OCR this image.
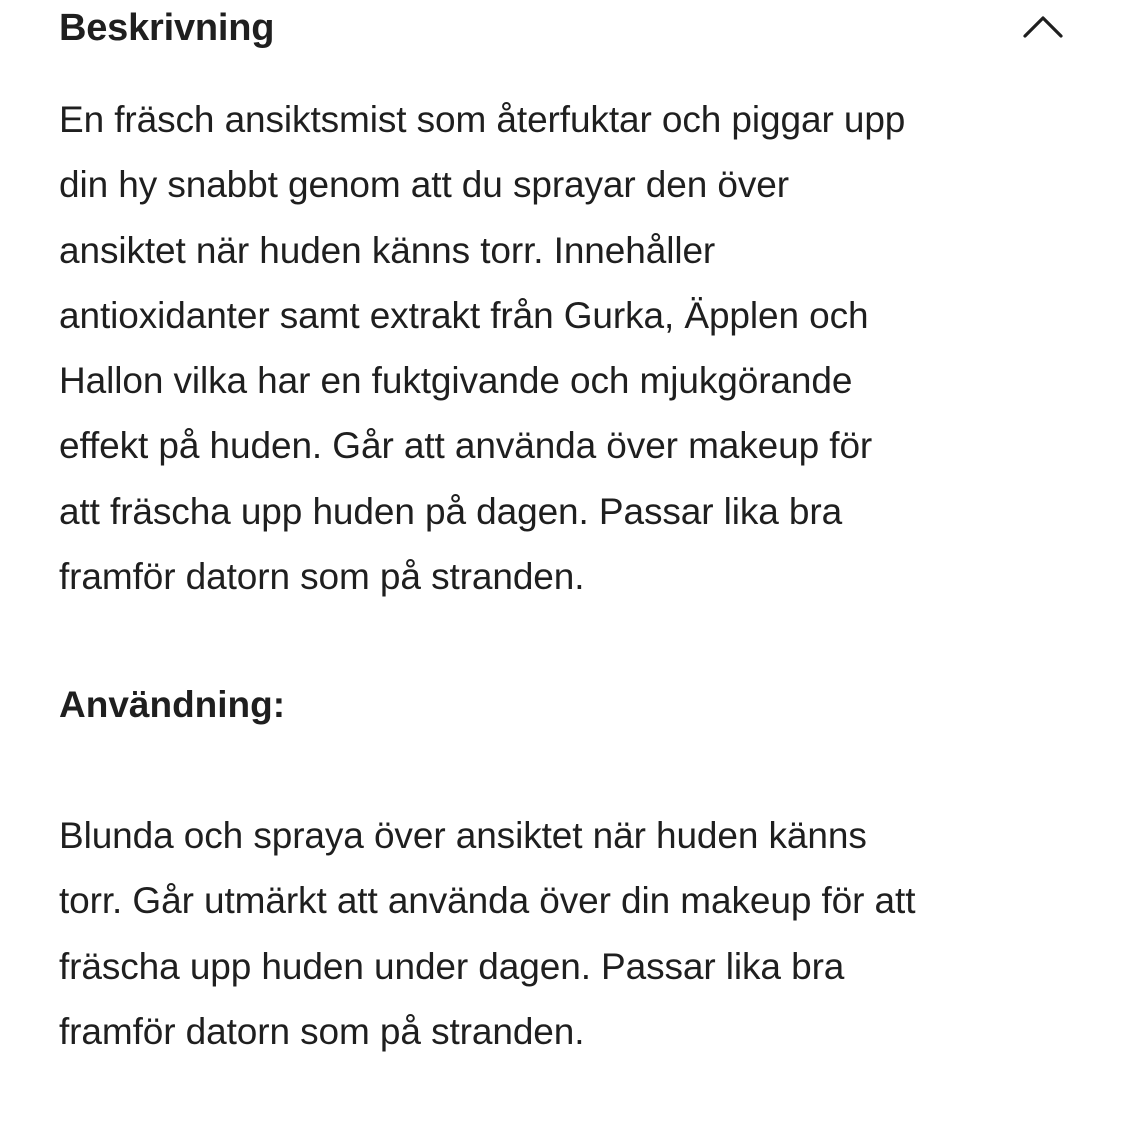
Beskrivning

En fräsch ansiktsmist som återfuktar och piggar upp
din hy snabbt genom att du sprayar den över
ansiktet när huden känns torr. Innehåller
antioxidanter samt extrakt från Gurka, Äpplen och
Hallon vilka har en fuktgivande och mjukgörande
effekt på huden. Går att använda över makeup för
att fräscha upp huden på dagen. Passar lika bra
framför datorn som på stranden.

Användning:

Blunda och spraya över ansiktet när huden känns
torr. Går utmärkt att använda över din makeup för att
fräscha upp huden under dagen. Passar lika bra
framför datorn som på stranden.
